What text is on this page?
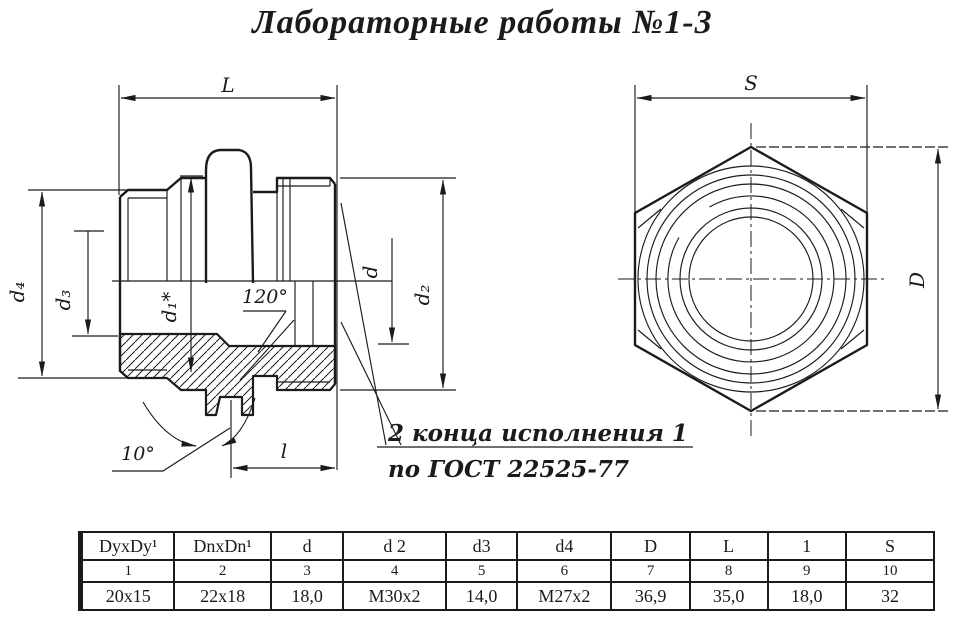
Лабораторные работы №1-3
L
d₄ d₃	d₁*
d
d₂
l
120°
10°
2 конца исполнения 1
по ГОСТ 22525-77
S
D
DyxDy¹	DnxDn¹	d	d 2	d3	d4	D	L	1	S
1	2	3	4	5	6	7	8	9	10
20x15	22x18	18,0	M30x2	14,0	M27x2	36,9	35,0	18,0	32
